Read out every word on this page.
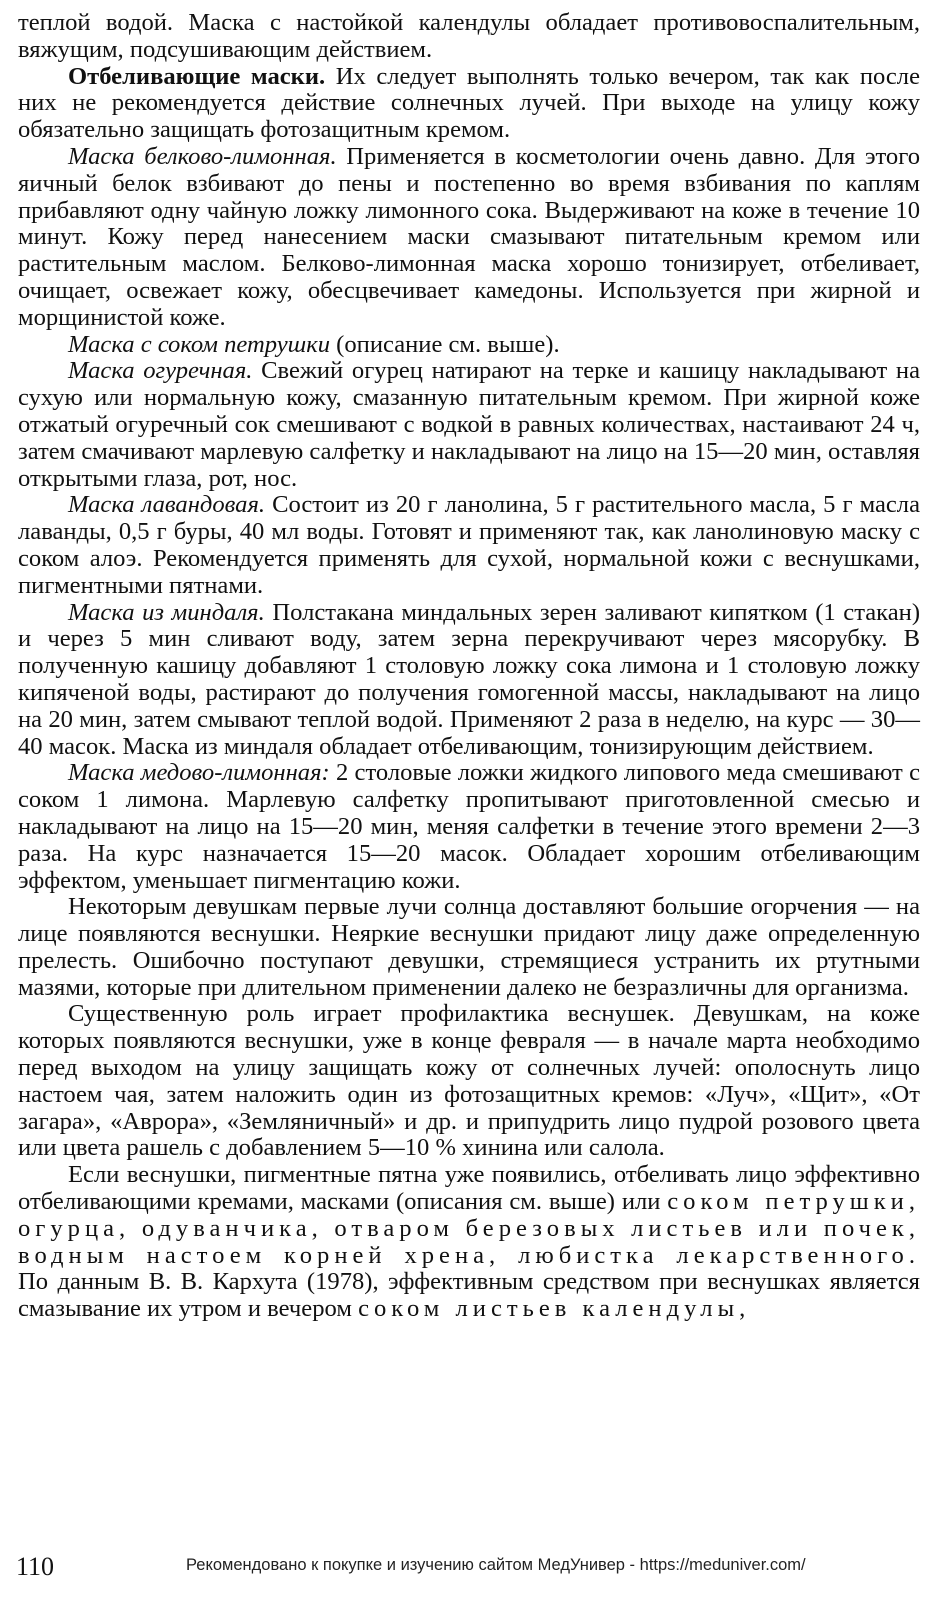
теплой водой. Маска с настойкой календулы обладает противовоспалительным, вяжущим, подсушивающим действием.

Отбеливающие маски. Их следует выполнять только вечером, так как после них не рекомендуется действие солнечных лучей. При выходе на улицу кожу обязательно защищать фотозащитным кремом.

Маска белково-лимонная. Применяется в косметологии очень давно. Для этого яичный белок взбивают до пены и постепенно во время взбивания по каплям прибавляют одну чайную ложку лимонного сока. Выдерживают на коже в течение 10 минут. Кожу перед нанесением маски смазывают питательным кремом или растительным маслом. Белково-лимонная маска хорошо тонизирует, отбеливает, очищает, освежает кожу, обесцвечивает камедоны. Используется при жирной и морщинистой коже.

Маска с соком петрушки (описание см. выше).

Маска огуречная. Свежий огурец натирают на терке и кашицу накладывают на сухую или нормальную кожу, смазанную питательным кремом. При жирной коже отжатый огуречный сок смешивают с водкой в равных количествах, настаивают 24 ч, затем смачивают марлевую салфетку и накладывают на лицо на 15—20 мин, оставляя открытыми глаза, рот, нос.

Маска лавандовая. Состоит из 20 г ланолина, 5 г растительного масла, 5 г масла лаванды, 0,5 г буры, 40 мл воды. Готовят и применяют так, как ланолиновую маску с соком алоэ. Рекомендуется применять для сухой, нормальной кожи с веснушками, пигментными пятнами.

Маска из миндаля. Полстакана миндальных зерен заливают кипятком (1 стакан) и через 5 мин сливают воду, затем зерна перекручивают через мясорубку. В полученную кашицу добавляют 1 столовую ложку сока лимона и 1 столовую ложку кипяченой воды, растирают до получения гомогенной массы, накладывают на лицо на 20 мин, затем смывают теплой водой. Применяют 2 раза в неделю, на курс — 30—40 масок. Маска из миндаля обладает отбеливающим, тонизирующим действием.

Маска медово-лимонная: 2 столовые ложки жидкого липового меда смешивают с соком 1 лимона. Марлевую салфетку пропитывают приготовленной смесью и накладывают на лицо на 15—20 мин, меняя салфетки в течение этого времени 2—3 раза. На курс назначается 15—20 масок. Обладает хорошим отбеливающим эффектом, уменьшает пигментацию кожи.

Некоторым девушкам первые лучи солнца доставляют большие огорчения — на лице появляются веснушки. Неяркие веснушки придают лицу даже определенную прелесть. Ошибочно поступают девушки, стремящиеся устранить их ртутными мазями, которые при длительном применении далеко не безразличны для организма.

Существенную роль играет профилактика веснушек. Девушкам, на коже которых появляются веснушки, уже в конце февраля — в начале марта необходимо перед выходом на улицу защищать кожу от солнечных лучей: ополоснуть лицо настоем чая, затем наложить один из фотозащитных кремов: «Луч», «Щит», «От загара», «Аврора», «Земляничный» и др. и припудрить лицо пудрой розового цвета или цвета рашель с добавлением 5—10 % хинина или салола.

Если веснушки, пигментные пятна уже появились, отбеливать лицо эффективно отбеливающими кремами, масками (описания см. выше) или соком петрушки, огурца, одуванчика, отваром березовых листьев или почек, водным настоем корней хрена, любистка лекарственного. По данным В. В. Кархута (1978), эффективным средством при веснушках является смазывание их утром и вечером соком листьев календулы,

110	Рекомендовано к покупке и изучению сайтом МедУнивер - https://meduniver.com/
